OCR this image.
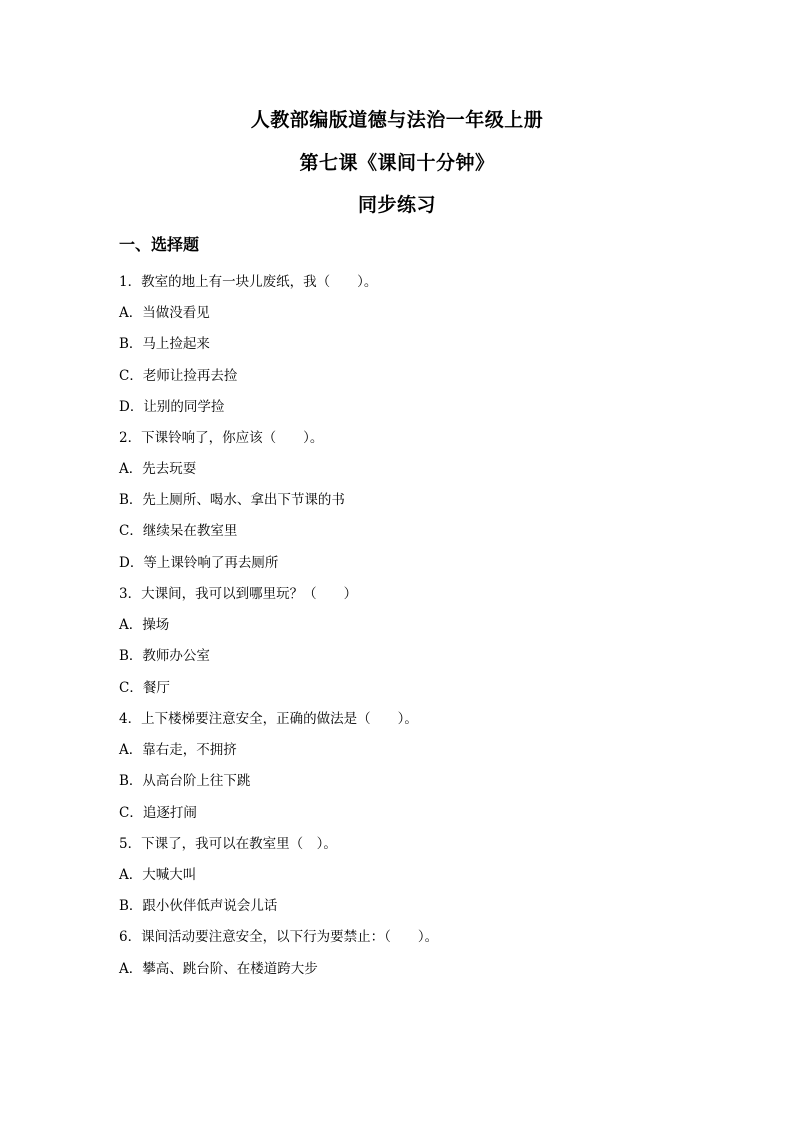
人教部编版道德与法治一年级上册
第七课《课间十分钟》
同步练习
一、选择题
1．教室的地上有一块儿废纸，我（　　）。
A．当做没看见
B．马上捡起来
C．老师让捡再去捡
D．让别的同学捡
2．下课铃响了，你应该（　　）。
A．先去玩耍
B．先上厕所、喝水、拿出下节课的书
C．继续呆在教室里
D．等上课铃响了再去厕所
3．大课间，我可以到哪里玩？（　　）
A．操场
B．教师办公室
C．餐厅
4．上下楼梯要注意安全，正确的做法是（　　）。
A．靠右走，不拥挤
B．从高台阶上往下跳
C．追逐打闹
5．下课了，我可以在教室里（　）。
A．大喊大叫
B．跟小伙伴低声说会儿话
6．课间活动要注意安全，以下行为要禁止：（　　）。
A．攀高、跳台阶、在楼道跨大步
